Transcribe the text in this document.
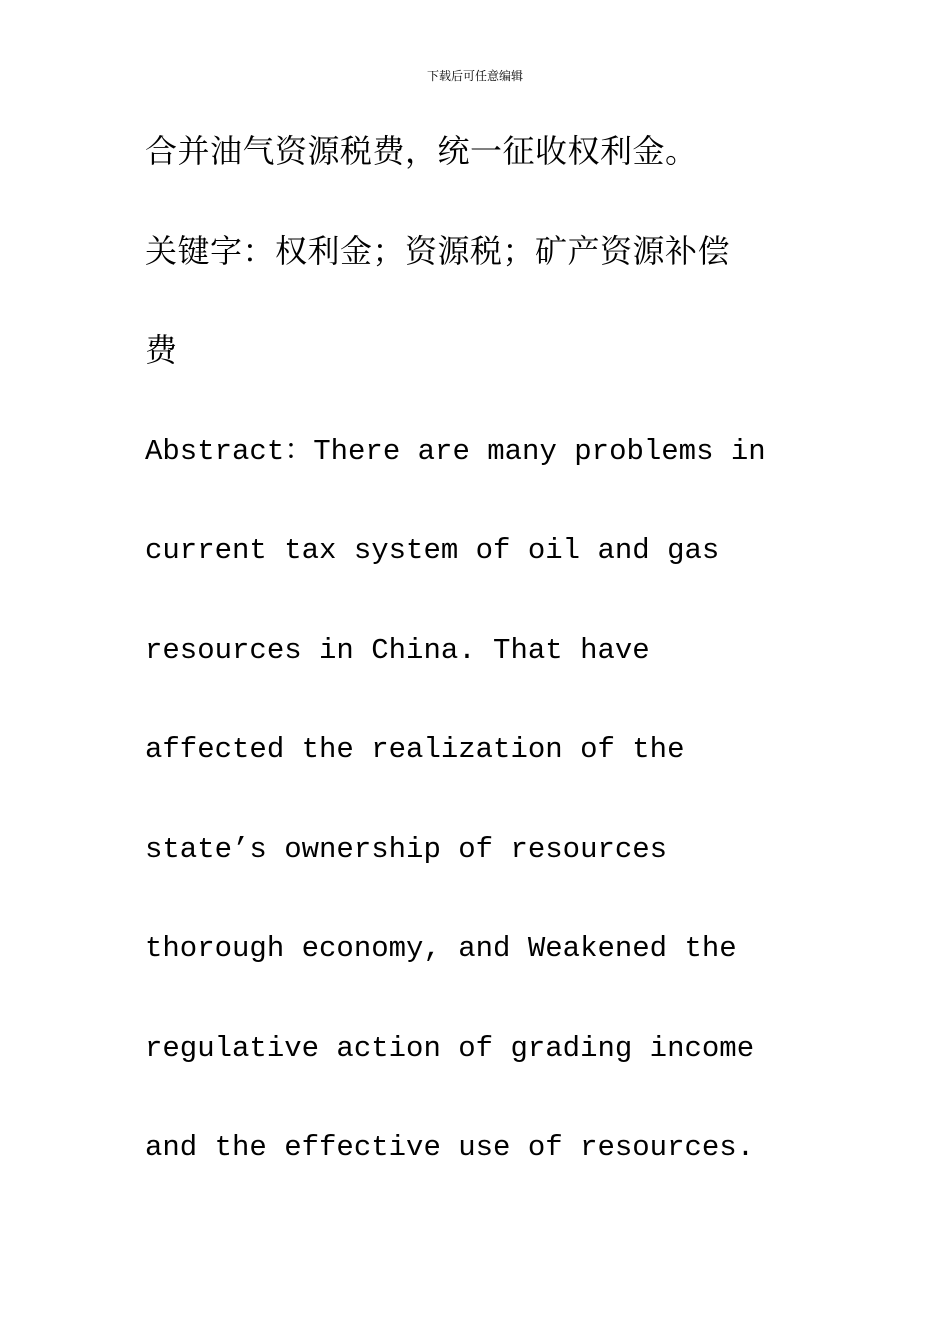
下载后可任意编辑
合并油气资源税费，统一征收权利金。
关键字：权利金；资源税；矿产资源补偿
费
Abstract：There are many problems in
current tax system of oil and gas
resources in China. That have
affected the realization of the
state’s ownership of resources
thorough economy, and Weakened the
regulative action of grading income
and the effective use of resources.
